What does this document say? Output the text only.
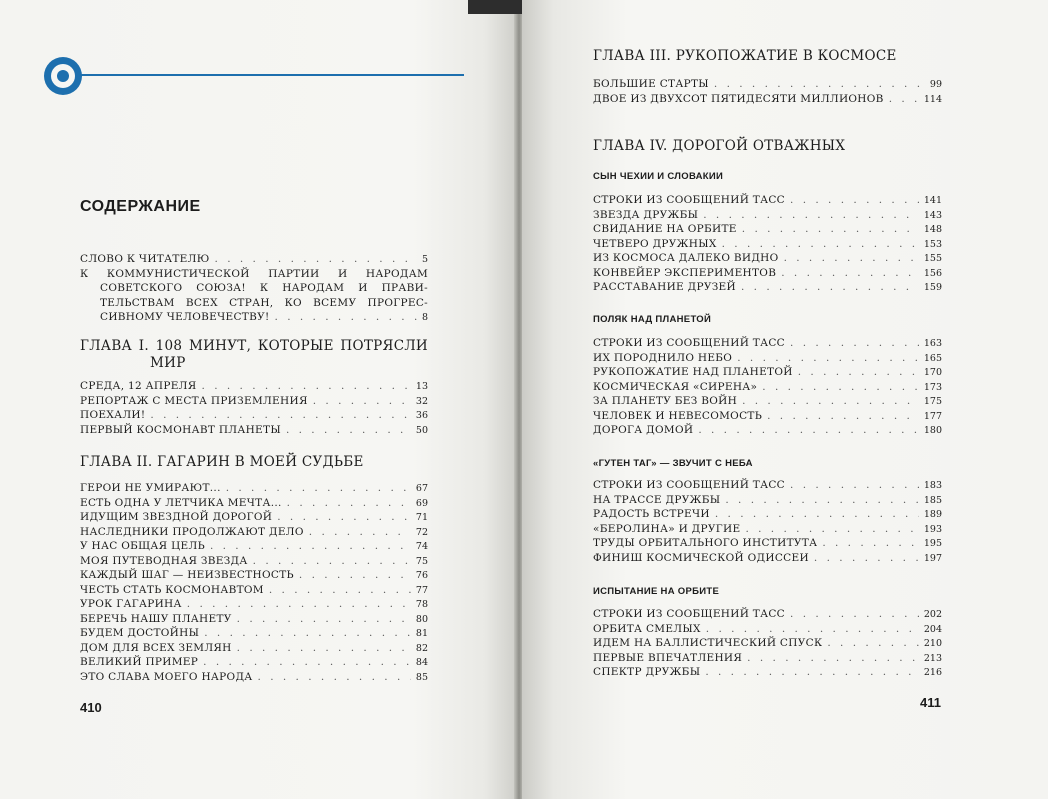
СОДЕРЖАНИЕ
СЛОВО К ЧИТАТЕЛЮ . . .	5
К КОММУНИСТИЧЕСКОЙ ПАРТИИ И НАРОДАМ
СОВЕТСКОГО СОЮЗА! К НАРОДАМ И ПРАВИ-
ТЕЛЬСТВАМ ВСЕХ СТРАН, КО ВСЕМУ ПРОГРЕС-
СИВНОМУ ЧЕЛОВЕЧЕСТВУ! . . .	8
ГЛАВА I. 108 МИНУТ, КОТОРЫЕ ПОТРЯСЛИ
МИР
СРЕДА, 12 АПРЕЛЯ . . .	13
РЕПОРТАЖ С МЕСТА ПРИЗЕМЛЕНИЯ . . .	32
ПОЕХАЛИ! . . .	36
ПЕРВЫЙ КОСМОНАВТ ПЛАНЕТЫ . . .	50
ГЛАВА II. ГАГАРИН В МОЕЙ СУДЬБЕ
ГЕРОИ НЕ УМИРАЮТ... . . .	67
ЕСТЬ ОДНА У ЛЕТЧИКА МЕЧТА... . . .	69
ИДУЩИМ ЗВЕЗДНОЙ ДОРОГОЙ . . .	71
НАСЛЕДНИКИ ПРОДОЛЖАЮТ ДЕЛО . . .	72
У НАС ОБЩАЯ ЦЕЛЬ . . .	74
МОЯ ПУТЕВОДНАЯ ЗВЕЗДА . . .	75
КАЖДЫЙ ШАГ — НЕИЗВЕСТНОСТЬ . . .	76
ЧЕСТЬ СТАТЬ КОСМОНАВТОМ . . .	77
УРОК ГАГАРИНА . . .	78
БЕРЕЧЬ НАШУ ПЛАНЕТУ . . .	80
БУДЕМ ДОСТОЙНЫ . . .	81
ДОМ ДЛЯ ВСЕХ ЗЕМЛЯН . . .	82
ВЕЛИКИЙ ПРИМЕР . . .	84
ЭТО СЛАВА МОЕГО НАРОДА . . .	85
410
ГЛАВА III. РУКОПОЖАТИЕ В КОСМОСЕ
БОЛЬШИЕ СТАРТЫ . . .	99
ДВОЕ ИЗ ДВУХСОТ ПЯТИДЕСЯТИ МИЛЛИОНОВ . . .	114
ГЛАВА IV. ДОРОГОЙ ОТВАЖНЫХ
СЫН ЧЕХИИ И СЛОВАКИИ
СТРОКИ ИЗ СООБЩЕНИЙ ТАСС . . .	141
ЗВЕЗДА ДРУЖБЫ . . .	143
СВИДАНИЕ НА ОРБИТЕ . . .	148
ЧЕТВЕРО ДРУЖНЫХ . . .	153
ИЗ КОСМОСА ДАЛЕКО ВИДНО . . .	155
КОНВЕЙЕР ЭКСПЕРИМЕНТОВ . . .	156
РАССТАВАНИЕ ДРУЗЕЙ . . .	159
ПОЛЯК НАД ПЛАНЕТОЙ
СТРОКИ ИЗ СООБЩЕНИЙ ТАСС . . .	163
ИХ ПОРОДНИЛО НЕБО . . .	165
РУКОПОЖАТИЕ НАД ПЛАНЕТОЙ . . .	170
КОСМИЧЕСКАЯ «СИРЕНА» . . .	173
ЗА ПЛАНЕТУ БЕЗ ВОЙН . . .	175
ЧЕЛОВЕК И НЕВЕСОМОСТЬ . . .	177
ДОРОГА ДОМОЙ . . .	180
«ГУТЕН ТАГ» — ЗВУЧИТ С НЕБА
СТРОКИ ИЗ СООБЩЕНИЙ ТАСС . . .	183
НА ТРАССЕ ДРУЖБЫ . . .	185
РАДОСТЬ ВСТРЕЧИ . . .	189
«БЕРОЛИНА» И ДРУГИЕ . . .	193
ТРУДЫ ОРБИТАЛЬНОГО ИНСТИТУТА . . .	195
ФИНИШ КОСМИЧЕСКОЙ ОДИССЕИ . . .	197
ИСПЫТАНИЕ НА ОРБИТЕ
СТРОКИ ИЗ СООБЩЕНИЙ ТАСС . . .	202
ОРБИТА СМЕЛЫХ . . .	204
ИДЕМ НА БАЛЛИСТИЧЕСКИЙ СПУСК . . .	210
ПЕРВЫЕ ВПЕЧАТЛЕНИЯ . . .	213
СПЕКТР ДРУЖБЫ . . .	216
411
